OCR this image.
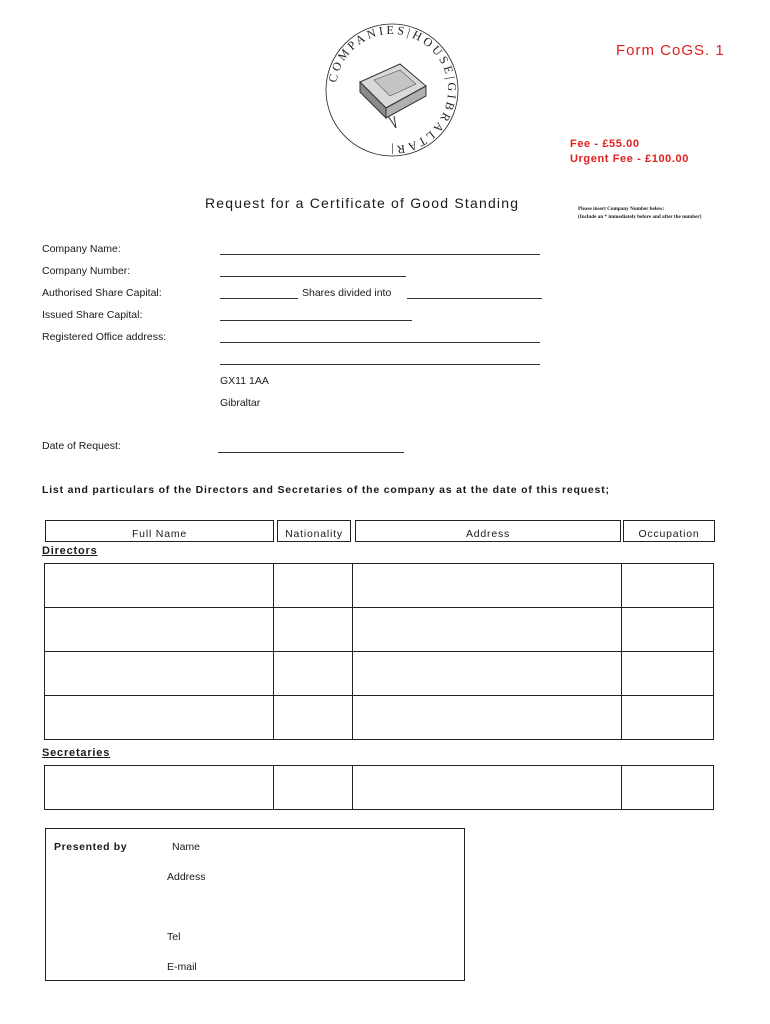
COMPANIES|HOUSE|GIBRALTAR|
Form CoGS. 1
Fee - £55.00
Urgent Fee - £100.00
Request for a Certificate of Good Standing	Please insert Company Number below:
(Include an * immediately before and after the number)
Company Name:
Company Number:
Authorised Share Capital:	Shares divided into
Issued Share Capital:
Registered Office address:
GX11 1AA
Gibraltar
Date of Request:
List and particulars of the Directors and Secretaries of the company as at the date of this request;
Full Name	Nationality	Address	Occupation
Directors
Secretaries
Presented by	Name
Address
Tel
E-mail
